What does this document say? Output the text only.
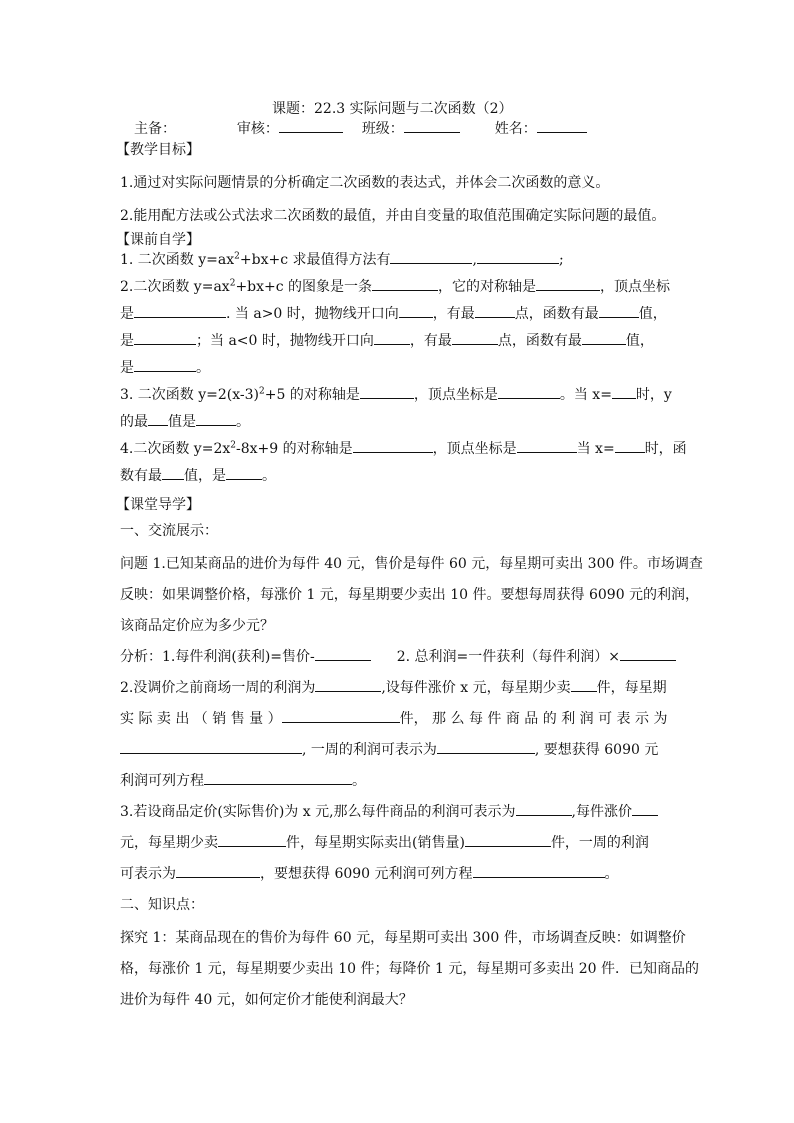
课题：22.3 实际问题与二次函数（2）
主备：	审核：	班级：	姓名：
【教学目标】
1.通过对实际问题情景的分析确定二次函数的表达式，并体会二次函数的意义。
2.能用配方法或公式法求二次函数的最值，并由自变量的取值范围确定实际问题的最值。
【课前自学】
1. 二次函数 $y=ax^2+bx+c$ 求最值得方法有	,	;
2.二次函数 $y=ax^2+bx+c$ 的图象是一条	，它的对称轴是	，顶点坐标
是	. 当 a>0 时，抛物线开口向 ，有最	点，函数有最	值，
是	；当 a<0 时，抛物线开口向	，有最	点，函数有最	值，
是	。
3. 二次函数 $y=2(x-3)^2+5$ 的对称轴是	，顶点坐标是	。当 x= 时，y
的最 值是	。
4.二次函数 $y=2x^2-8x+9$ 的对称轴是	，顶点坐标是	当 x= 时，函
数有最 值，是	。
【课堂导学】
一、交流展示：
问题 1.已知某商品的进价为每件 40 元，售价是每件 60 元，每星期可卖出 300 件。市场调查
反映：如果调整价格，每涨价 1 元，每星期要少卖出 10 件。要想每周获得 6090 元的利润，
该商品定价应为多少元？
分析：1.每件利润(获利)=售价-	2. 总利润=一件获利（每件利润）×
2.没调价之前商场一周的利润为	,设每件涨价 x 元，每星期少卖 件，每星期
实 际 卖 出 （ 销 售 量 ）	件， 那 么 每 件 商 品 的 利 润 可 表 示 为
, 一周的利润可表示为	, 要想获得 6090 元
利润可列方程	。
3.若设商品定价(实际售价)为 x 元,那么每件商品的利润可表示为	,每件涨价
元，每星期少卖	件，每星期实际卖出(销售量)	件，一周的利润
可表示为	，要想获得 6090 元利润可列方程	。
二、知识点：
探究 1：某商品现在的售价为每件 60 元，每星期可卖出 300 件，市场调查反映：如调整价
格，每涨价 1 元，每星期要少卖出 10 件；每降价 1 元，每星期可多卖出 20 件．已知商品的
进价为每件 40 元，如何定价才能使利润最大？
